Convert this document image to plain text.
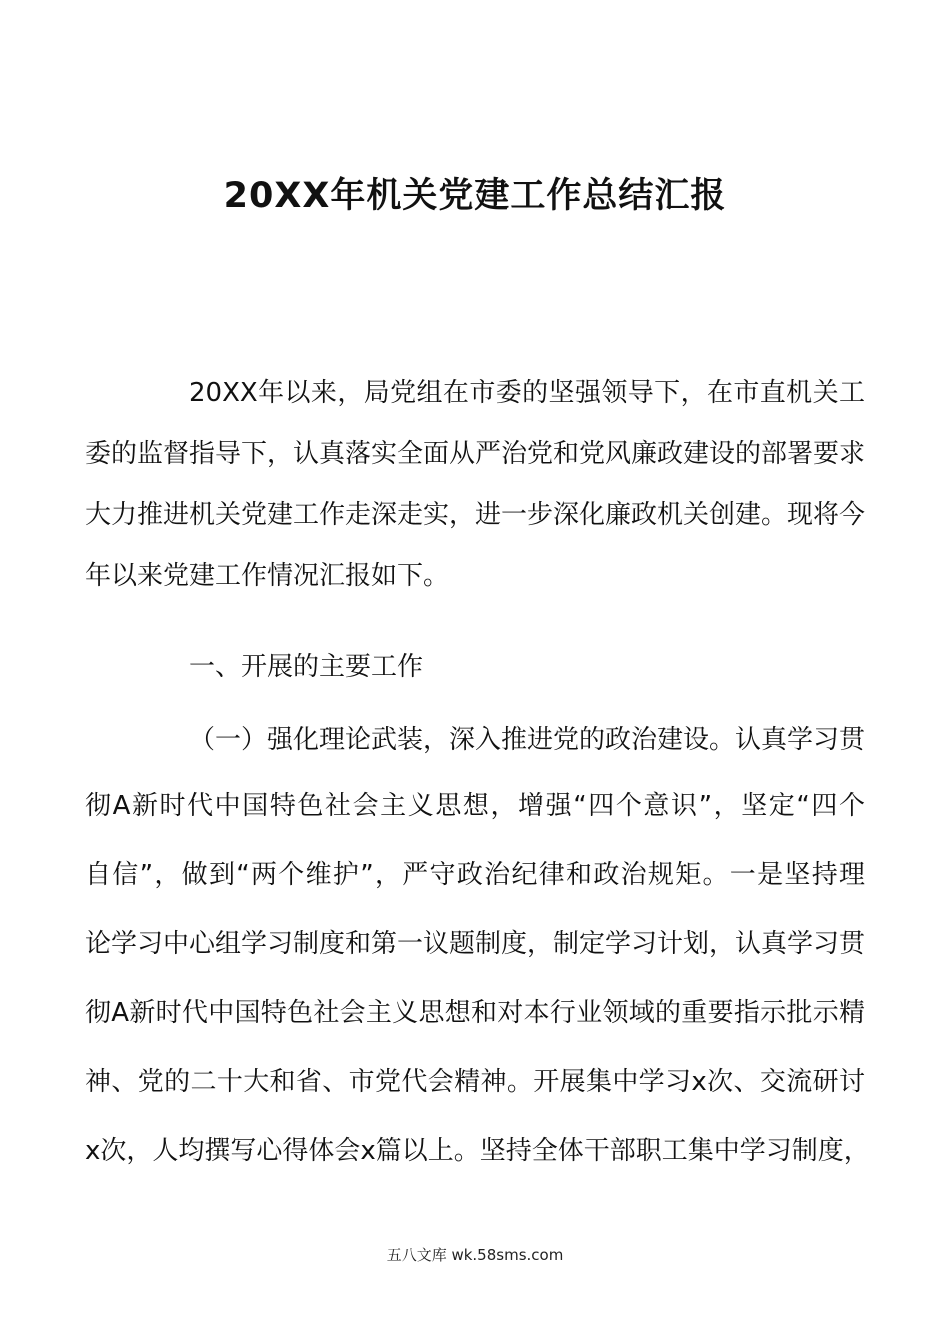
20XX年机关党建工作总结汇报

20XX年以来，局党组在市委的坚强领导下，在市直机关工

委的监督指导下，认真落实全面从严治党和党风廉政建设的部署要求

大力推进机关党建工作走深走实，进一步深化廉政机关创建。现将今

年以来党建工作情况汇报如下。

一、开展的主要工作

（一）强化理论武装，深入推进党的政治建设。认真学习贯

彻A新时代中国特色社会主义思想，增强“四个意识”，坚定“四个

自信”，做到“两个维护”，严守政治纪律和政治规矩。一是坚持理

论学习中心组学习制度和第一议题制度，制定学习计划，认真学习贯

彻A新时代中国特色社会主义思想和对本行业领域的重要指示批示精

神、党的二十大和省、市党代会精神。开展集中学习x次、交流研讨

x次，人均撰写心得体会x篇以上。坚持全体干部职工集中学习制度，

五八文库 wk.58sms.com
